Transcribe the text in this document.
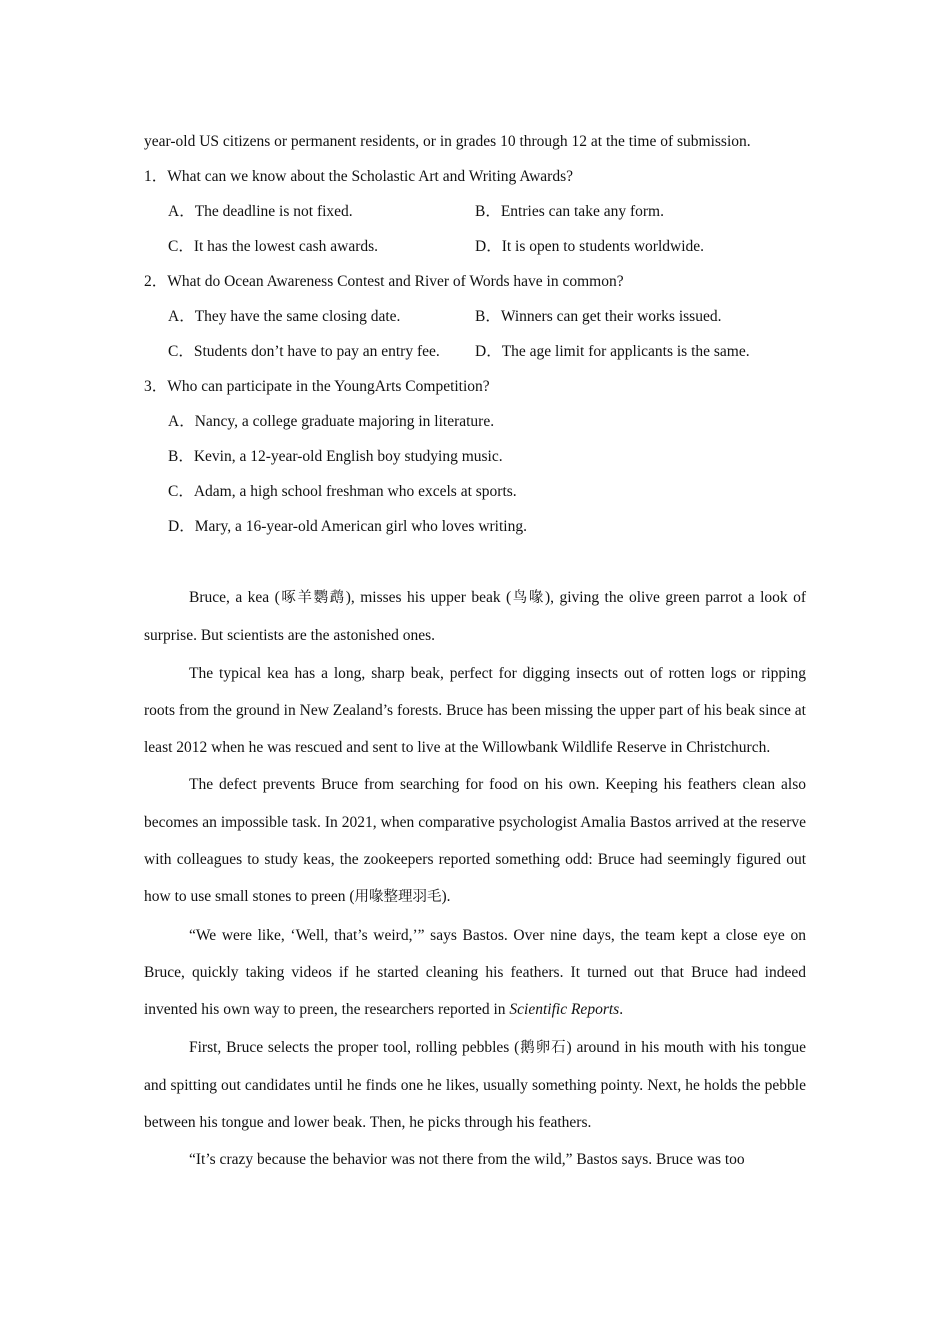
year-old US citizens or permanent residents, or in grades 10 through 12 at the time of submission.
1．What can we know about the Scholastic Art and Writing Awards?
A．The deadline is not fixed.	B．Entries can take any form.
C．It has the lowest cash awards.	D．It is open to students worldwide.
2．What do Ocean Awareness Contest and River of Words have in common?
A．They have the same closing date.	B．Winners can get their works issued.
C．Students don’t have to pay an entry fee.	D．The age limit for applicants is the same.
3．Who can participate in the YoungArts Competition?
A．Nancy, a college graduate majoring in literature.
B．Kevin, a 12-year-old English boy studying music.
C．Adam, a high school freshman who excels at sports.
D．Mary, a 16-year-old American girl who loves writing.

Bruce, a kea (啄羊鹦鹉), misses his upper beak (鸟喙), giving the olive green parrot a look of surprise. But scientists are the astonished ones.

The typical kea has a long, sharp beak, perfect for digging insects out of rotten logs or ripping roots from the ground in New Zealand’s forests. Bruce has been missing the upper part of his beak since at least 2012 when he was rescued and sent to live at the Willowbank Wildlife Reserve in Christchurch.

The defect prevents Bruce from searching for food on his own. Keeping his feathers clean also becomes an impossible task. In 2021, when comparative psychologist Amalia Bastos arrived at the reserve with colleagues to study keas, the zookeepers reported something odd: Bruce had seemingly figured out how to use small stones to preen (用喙整理羽毛).

“We were like, ‘Well, that’s weird,’” says Bastos. Over nine days, the team kept a close eye on Bruce, quickly taking videos if he started cleaning his feathers. It turned out that Bruce had indeed invented his own way to preen, the researchers reported in Scientific Reports.

First, Bruce selects the proper tool, rolling pebbles (鹅卵石) around in his mouth with his tongue and spitting out candidates until he finds one he likes, usually something pointy. Next, he holds the pebble between his tongue and lower beak. Then, he picks through his feathers.

“It’s crazy because the behavior was not there from the wild,” Bastos says. Bruce was too
